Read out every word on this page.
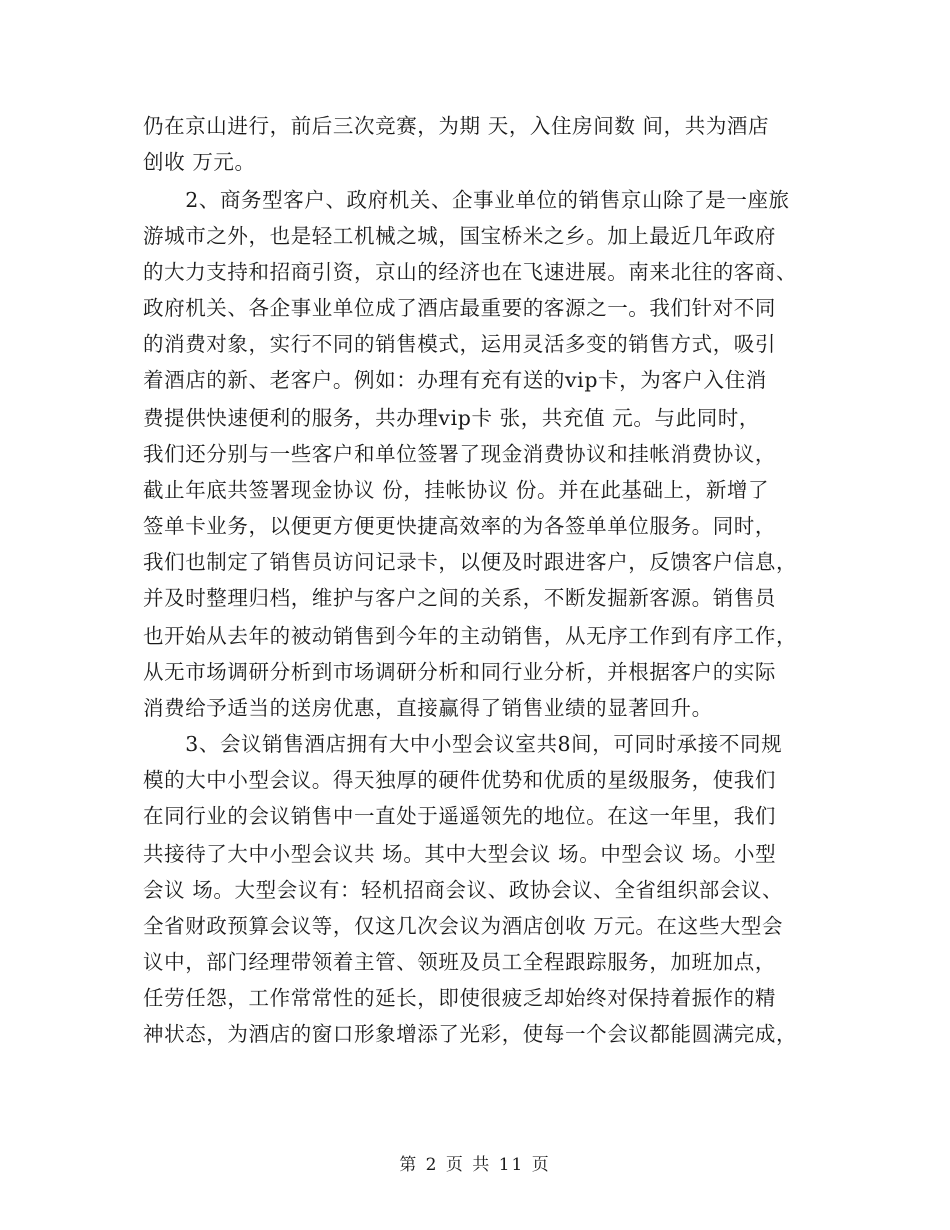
仍在京山进行，前后三次竞赛，为期 天，入住房间数 间，共为酒店
创收 万元。
　　2、商务型客户、政府机关、企事业单位的销售京山除了是一座旅
游城市之外，也是轻工机械之城，国宝桥米之乡。加上最近几年政府
的大力支持和招商引资，京山的经济也在飞速进展。南来北往的客商、
政府机关、各企事业单位成了酒店最重要的客源之一。我们针对不同
的消费对象，实行不同的销售模式，运用灵活多变的销售方式，吸引
着酒店的新、老客户。例如：办理有充有送的vip卡，为客户入住消
费提供快速便利的服务，共办理vip卡 张，共充值 元。与此同时，
我们还分别与一些客户和单位签署了现金消费协议和挂帐消费协议，
截止年底共签署现金协议 份，挂帐协议 份。并在此基础上，新增了
签单卡业务，以便更方便更快捷高效率的为各签单单位服务。同时，
我们也制定了销售员访问记录卡，以便及时跟进客户，反馈客户信息，
并及时整理归档，维护与客户之间的关系，不断发掘新客源。销售员
也开始从去年的被动销售到今年的主动销售，从无序工作到有序工作，
从无市场调研分析到市场调研分析和同行业分析，并根据客户的实际
消费给予适当的送房优惠，直接赢得了销售业绩的显著回升。
　　3、会议销售酒店拥有大中小型会议室共8间，可同时承接不同规
模的大中小型会议。得天独厚的硬件优势和优质的星级服务，使我们
在同行业的会议销售中一直处于遥遥领先的地位。在这一年里，我们
共接待了大中小型会议共 场。其中大型会议 场。中型会议 场。小型
会议 场。大型会议有：轻机招商会议、政协会议、全省组织部会议、
全省财政预算会议等，仅这几次会议为酒店创收 万元。在这些大型会
议中，部门经理带领着主管、领班及员工全程跟踪服务，加班加点，
任劳任怨，工作常常性的延长，即使很疲乏却始终对保持着振作的精
神状态，为酒店的窗口形象增添了光彩，使每一个会议都能圆满完成，
第 2 页 共 11 页
